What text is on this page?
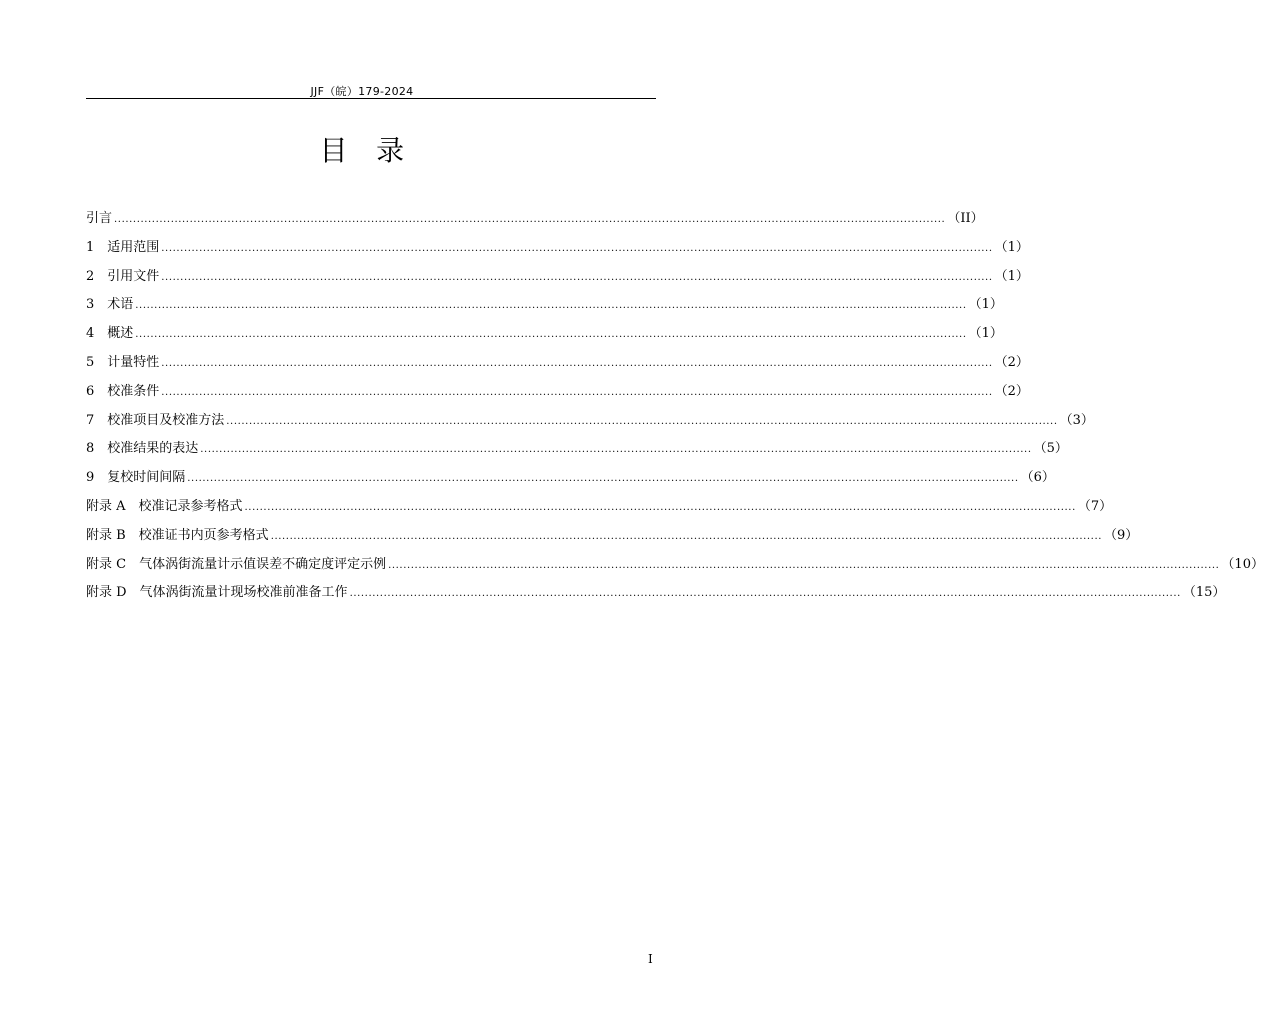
JJF（皖）179-2024
目　录
引言 ............................................................................................................................................................................................................................ （II）
1　适用范围 ............................................................................................................................................................................................................................ （1）
2　引用文件 ............................................................................................................................................................................................................................ （1）
3　术语 ............................................................................................................................................................................................................................ （1）
4　概述 ............................................................................................................................................................................................................................ （1）
5　计量特性 ............................................................................................................................................................................................................................ （2）
6　校准条件 ............................................................................................................................................................................................................................ （2）
7　校准项目及校准方法 ............................................................................................................................................................................................................................ （3）
8　校准结果的表达 ............................................................................................................................................................................................................................ （5）
9　复校时间间隔 ............................................................................................................................................................................................................................ （6）
附录 A　校准记录参考格式 ............................................................................................................................................................................................................................ （7）
附录 B　校准证书内页参考格式 ............................................................................................................................................................................................................................ （9）
附录 C　气体涡街流量计示值误差不确定度评定示例 ............................................................................................................................................................................................................................ （10）
附录 D　气体涡街流量计现场校准前准备工作 ............................................................................................................................................................................................................................ （15）
I
